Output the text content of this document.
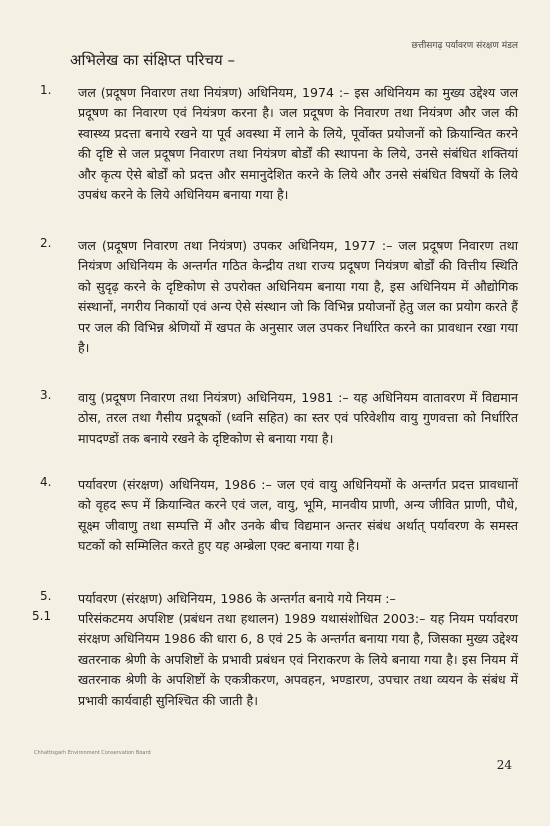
छत्तीसगढ़ पर्यावरण संरक्षण मंडल
अभिलेख का संक्षिप्त परिचय –
1. जल (प्रदूषण निवारण तथा नियंत्रण) अधिनियम, 1974 :– इस अधिनियम का मुख्य उद्देश्य जल प्रदूषण का निवारण एवं नियंत्रण करना है। जल प्रदूषण के निवारण तथा नियंत्रण और जल की स्वास्थ्य प्रदत्ता बनाये रखने या पूर्व अवस्था में लाने के लिये, पूर्वोक्त प्रयोजनों को क्रियान्वित करने की दृष्टि से जल प्रदूषण निवारण तथा नियंत्रण बोर्डों की स्थापना के लिये, उनसे संबंधित शक्तियां और कृत्य ऐसे बोर्डों को प्रदत्त और समानुदेशित करने के लिये और उनसे संबंधित विषयों के लिये उपबंध करने के लिये अधिनियम बनाया गया है।
2. जल (प्रदूषण निवारण तथा नियंत्रण) उपकर अधिनियम, 1977 :– जल प्रदूषण निवारण तथा नियंत्रण अधिनियम के अन्तर्गत गठित केन्द्रीय तथा राज्य प्रदूषण नियंत्रण बोर्डों की वित्तीय स्थिति को सुदृढ़ करने के दृष्टिकोण से उपरोक्त अधिनियम बनाया गया है, इस अधिनियम में औद्योगिक संस्थानों, नगरीय निकायों एवं अन्य ऐसे संस्थान जो कि विभिन्न प्रयोजनों हेतु जल का प्रयोग करते हैं पर जल की विभिन्न श्रेणियों में खपत के अनुसार जल उपकर निर्धारित करने का प्रावधान रखा गया है।
3. वायु (प्रदूषण निवारण तथा नियंत्रण) अधिनियम, 1981 :– यह अधिनियम वातावरण में विद्यमान ठोस, तरल तथा गैसीय प्रदूषकों (ध्वनि सहित) का स्तर एवं परिवेशीय वायु गुणवत्ता को निर्धारित मापदण्डों तक बनाये रखने के दृष्टिकोण से बनाया गया है।
4. पर्यावरण (संरक्षण) अधिनियम, 1986 :– जल एवं वायु अधिनियमों के अन्तर्गत प्रदत्त प्रावधानों को वृहद रूप में क्रियान्वित करने एवं जल, वायु, भूमि, मानवीय प्राणी, अन्य जीवित प्राणी, पौधे, सूक्ष्म जीवाणु तथा सम्पत्ति में और उनके बीच विद्यमान अन्तर संबंध अर्थात् पर्यावरण के समस्त घटकों को सम्मिलित करते हुए यह अम्ब्रेला एक्ट बनाया गया है।
5. पर्यावरण (संरक्षण) अधिनियम, 1986 के अन्तर्गत बनाये गये नियम :–
5.1 परिसंकटमय अपशिष्ट (प्रबंधन तथा हथालन) 1989 यथासंशोधित 2003:– यह नियम पर्यावरण संरक्षण अधिनियम 1986 की धारा 6, 8 एवं 25 के अन्तर्गत बनाया गया है, जिसका मुख्य उद्देश्य खतरनाक श्रेणी के अपशिष्टों के प्रभावी प्रबंधन एवं निराकरण के लिये बनाया गया है। इस नियम में खतरनाक श्रेणी के अपशिष्टों के एकत्रीकरण, अपवहन, भण्डारण, उपचार तथा व्ययन के संबंध में प्रभावी कार्यवाही सुनिश्चित की जाती है।
Chhattisgarh Environment Conservation Board
24
